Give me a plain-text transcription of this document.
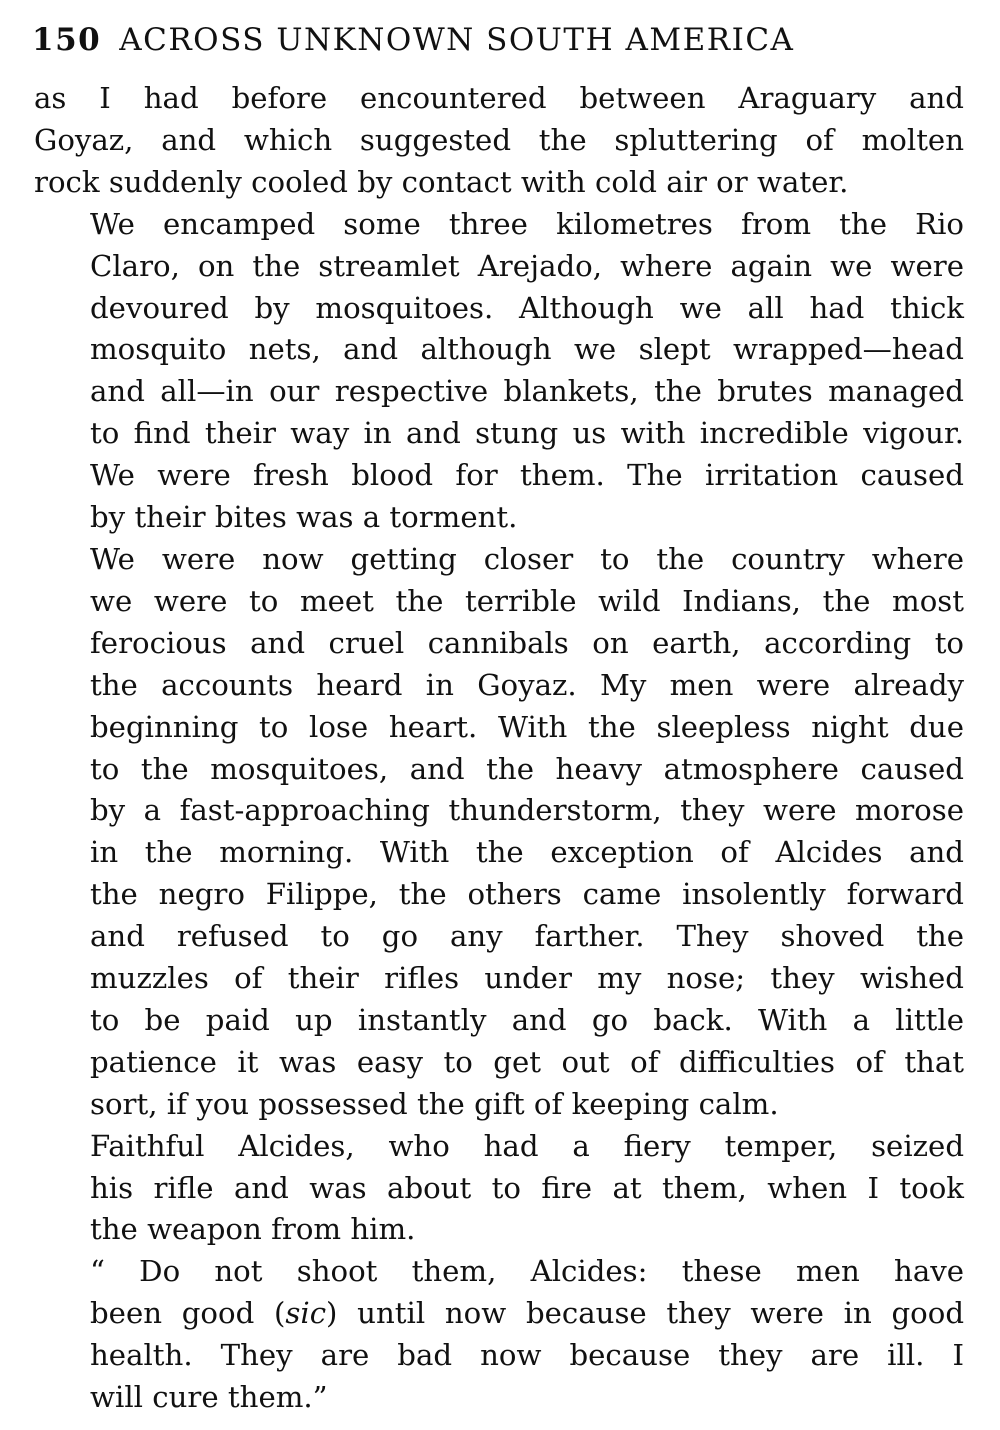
150 ACROSS UNKNOWN SOUTH AMERICA
as I had before encountered between Araguary and
Goyaz, and which suggested the spluttering of molten
rock suddenly cooled by contact with cold air or water.
We encamped some three kilometres from the Rio
Claro, on the streamlet Arejado, where again we were
devoured by mosquitoes. Although we all had thick
mosquito nets, and although we slept wrapped—head
and all—in our respective blankets, the brutes managed
to find their way in and stung us with incredible vigour.
We were fresh blood for them. The irritation caused
by their bites was a torment.
We were now getting closer to the country where
we were to meet the terrible wild Indians, the most
ferocious and cruel cannibals on earth, according to
the accounts heard in Goyaz. My men were already
beginning to lose heart. With the sleepless night due
to the mosquitoes, and the heavy atmosphere caused
by a fast-approaching thunderstorm, they were morose
in the morning. With the exception of Alcides and
the negro Filippe, the others came insolently forward
and refused to go any farther. They shoved the
muzzles of their rifles under my nose; they wished
to be paid up instantly and go back. With a little
patience it was easy to get out of difficulties of that
sort, if you possessed the gift of keeping calm.
Faithful Alcides, who had a fiery temper, seized
his rifle and was about to fire at them, when I took
the weapon from him.
“ Do not shoot them, Alcides: these men have
been good (sic) until now because they were in good
health. They are bad now because they are ill. I
will cure them.”
